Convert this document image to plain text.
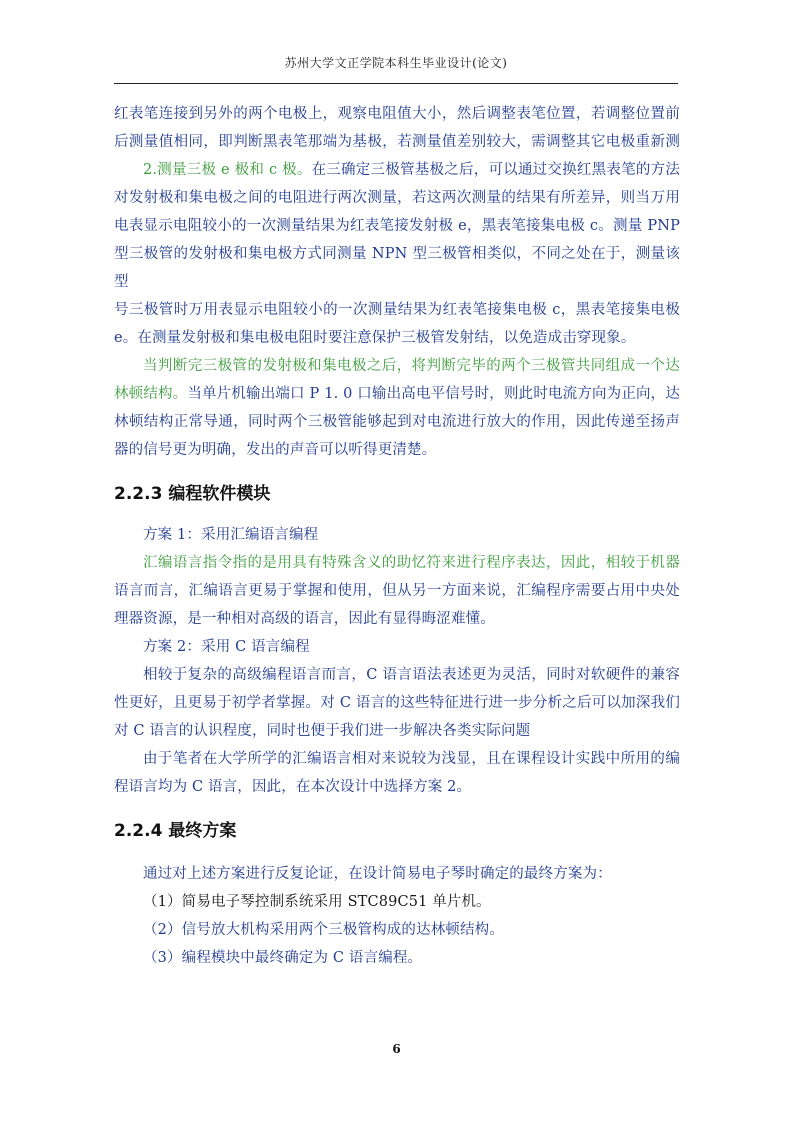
苏州大学文正学院本科生毕业设计(论文)

红表笔连接到另外的两个电极上，观察电阻值大小，然后调整表笔位置，若调整位置前

后测量值相同，即判断黑表笔那端为基极，若测量值差别较大，需调整其它电极重新测

2.测量三极 e 极和 c 极。在三确定三极管基极之后，可以通过交换红黑表笔的方法

对发射极和集电极之间的电阻进行两次测量，若这两次测量的结果有所差异，则当万用

电表显示电阻较小的一次测量结果为红表笔接发射极 e，黑表笔接集电极 c。测量 PNP

型三极管的发射极和集电极方式同测量 NPN 型三极管相类似，不同之处在于，测量该型

号三极管时万用表显示电阻较小的一次测量结果为红表笔接集电极 c，黑表笔接集电极

e。在测量发射极和集电极电阻时要注意保护三极管发射结，以免造成击穿现象。

当判断完三极管的发射极和集电极之后，将判断完毕的两个三极管共同组成一个达

林顿结构。当单片机输出端口 P 1. 0 口输出高电平信号时，则此时电流方向为正向，达

林顿结构正常导通，同时两个三极管能够起到对电流进行放大的作用，因此传递至扬声

器的信号更为明确，发出的声音可以听得更清楚。

2.2.3 编程软件模块

方案 1：采用汇编语言编程

汇编语言指令指的是用具有特殊含义的助忆符来进行程序表达，因此，相较于机器

语言而言，汇编语言更易于掌握和使用，但从另一方面来说，汇编程序需要占用中央处

理器资源，是一种相对高级的语言，因此有显得晦涩难懂。

方案 2：采用 C 语言编程

相较于复杂的高级编程语言而言，C 语言语法表述更为灵活，同时对软硬件的兼容

性更好，且更易于初学者掌握。对 C 语言的这些特征进行进一步分析之后可以加深我们

对 C 语言的认识程度，同时也便于我们进一步解决各类实际问题

由于笔者在大学所学的汇编语言相对来说较为浅显，且在课程设计实践中所用的编

程语言均为 C 语言，因此，在本次设计中选择方案 2。

2.2.4 最终方案

通过对上述方案进行反复论证，在设计简易电子琴时确定的最终方案为：

（1）简易电子琴控制系统采用 STC89C51 单片机。

（2）信号放大机构采用两个三极管构成的达林顿结构。

（3）编程模块中最终确定为 C 语言编程。

6
